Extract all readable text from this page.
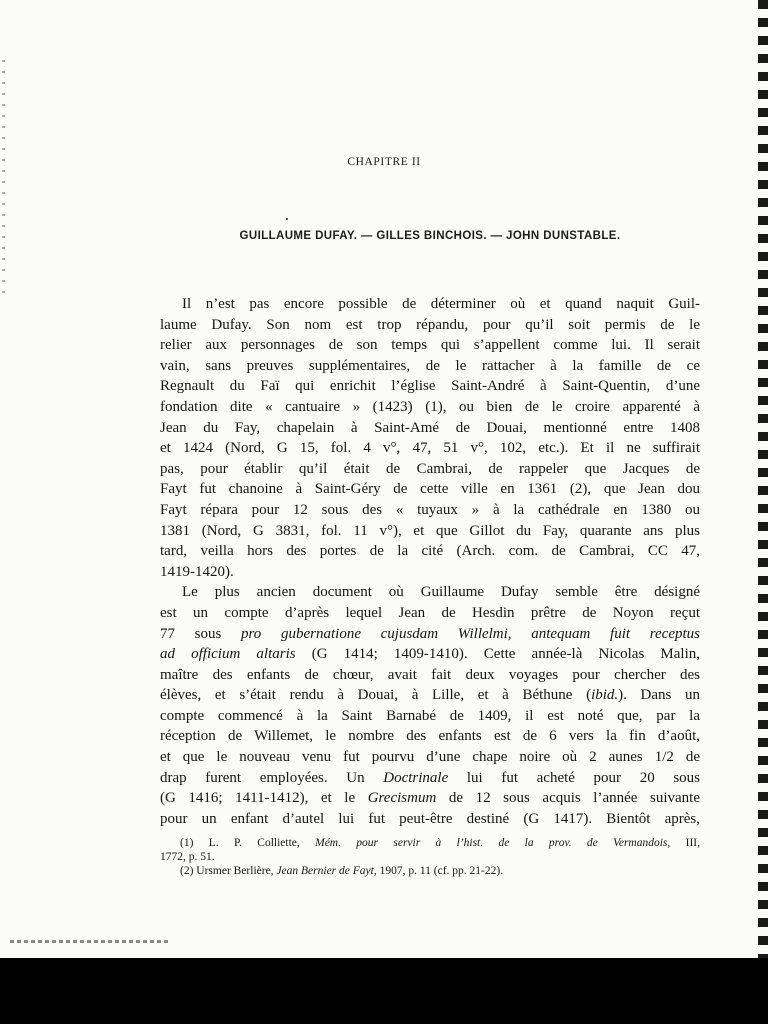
CHAPITRE II
GUILLAUME DUFAY. — GILLES BINCHOIS. — JOHN DUNSTABLE.
Il n’est pas encore possible de déterminer où et quand naquit Guil-
laume Dufay. Son nom est trop répandu, pour qu’il soit permis de le
relier aux personnages de son temps qui s’appellent comme lui. Il serait
vain, sans preuves supplémentaires, de le rattacher à la famille de ce
Regnault du Faï qui enrichit l’église Saint-André à Saint-Quentin, d’une
fondation dite « cantuaire » (1423) (1), ou bien de le croire apparenté à
Jean du Fay, chapelain à Saint-Amé de Douai, mentionné entre 1408
et 1424 (Nord, G 15, fol. 4 v°, 47, 51 v°, 102, etc.). Et il ne suffirait
pas, pour établir qu’il était de Cambrai, de rappeler que Jacques de
Fayt fut chanoine à Saint-Géry de cette ville en 1361 (2), que Jean dou
Fayt répara pour 12 sous des « tuyaux » à la cathédrale en 1380 ou
1381 (Nord, G 3831, fol. 11 v°), et que Gillot du Fay, quarante ans plus
tard, veilla hors des portes de la cité (Arch. com. de Cambrai, CC 47,
1419-1420).
Le plus ancien document où Guillaume Dufay semble être désigné
est un compte d’après lequel Jean de Hesdin prêtre de Noyon reçut
77 sous pro gubernatione cujusdam Willelmi, antequam fuit receptus
ad officium altaris (G 1414; 1409-1410). Cette année-là Nicolas Malin,
maître des enfants de chœur, avait fait deux voyages pour chercher des
élèves, et s’était rendu à Douai, à Lille, et à Béthune (ibid.). Dans un
compte commencé à la Saint Barnabé de 1409, il est noté que, par la
réception de Willemet, le nombre des enfants est de 6 vers la fin d’août,
et que le nouveau venu fut pourvu d’une chape noire où 2 aunes 1/2 de
drap furent employées. Un Doctrinale lui fut acheté pour 20 sous
(G 1416; 1411-1412), et le Grecismum de 12 sous acquis l’année suivante
pour un enfant d’autel lui fut peut-être destiné (G 1417). Bientôt après,
(1) L. P. Colliette, Mém. pour servir à l’hist. de la prov. de Vermandois, III,
1772, p. 51.
(2) Ursmer Berlière, Jean Bernier de Fayt, 1907, p. 11 (cf. pp. 21-22).
